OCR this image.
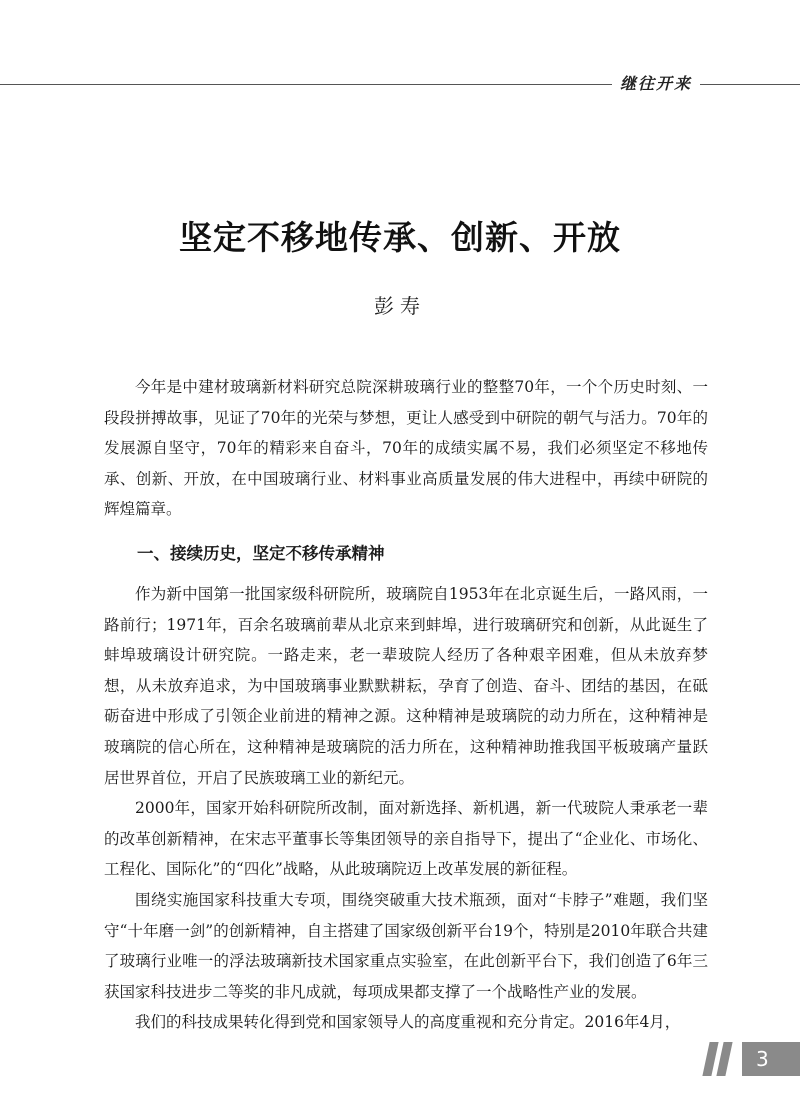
继往开来
坚定不移地传承、创新、开放
彭寿

今年是中建材玻璃新材料研究总院深耕玻璃行业的整整70年，一个个历史时刻、一段段拼搏故事，见证了70年的光荣与梦想，更让人感受到中研院的朝气与活力。70年的发展源自坚守，70年的精彩来自奋斗，70年的成绩实属不易，我们必须坚定不移地传承、创新、开放，在中国玻璃行业、材料事业高质量发展的伟大进程中，再续中研院的辉煌篇章。

一、接续历史，坚定不移传承精神

作为新中国第一批国家级科研院所，玻璃院自1953年在北京诞生后，一路风雨，一路前行；1971年，百余名玻璃前辈从北京来到蚌埠，进行玻璃研究和创新，从此诞生了蚌埠玻璃设计研究院。一路走来，老一辈玻院人经历了各种艰辛困难，但从未放弃梦想，从未放弃追求，为中国玻璃事业默默耕耘，孕育了创造、奋斗、团结的基因，在砥砺奋进中形成了引领企业前进的精神之源。这种精神是玻璃院的动力所在，这种精神是玻璃院的信心所在，这种精神是玻璃院的活力所在，这种精神助推我国平板玻璃产量跃居世界首位，开启了民族玻璃工业的新纪元。

2000年，国家开始科研院所改制，面对新选择、新机遇，新一代玻院人秉承老一辈的改革创新精神，在宋志平董事长等集团领导的亲自指导下，提出了“企业化、市场化、工程化、国际化”的“四化”战略，从此玻璃院迈上改革发展的新征程。

围绕实施国家科技重大专项，围绕突破重大技术瓶颈，面对“卡脖子”难题，我们坚守“十年磨一剑”的创新精神，自主搭建了国家级创新平台19个，特别是2010年联合共建了玻璃行业唯一的浮法玻璃新技术国家重点实验室，在此创新平台下，我们创造了6年三获国家科技进步二等奖的非凡成就，每项成果都支撑了一个战略性产业的发展。

我们的科技成果转化得到党和国家领导人的高度重视和充分肯定。2016年4月，

3
